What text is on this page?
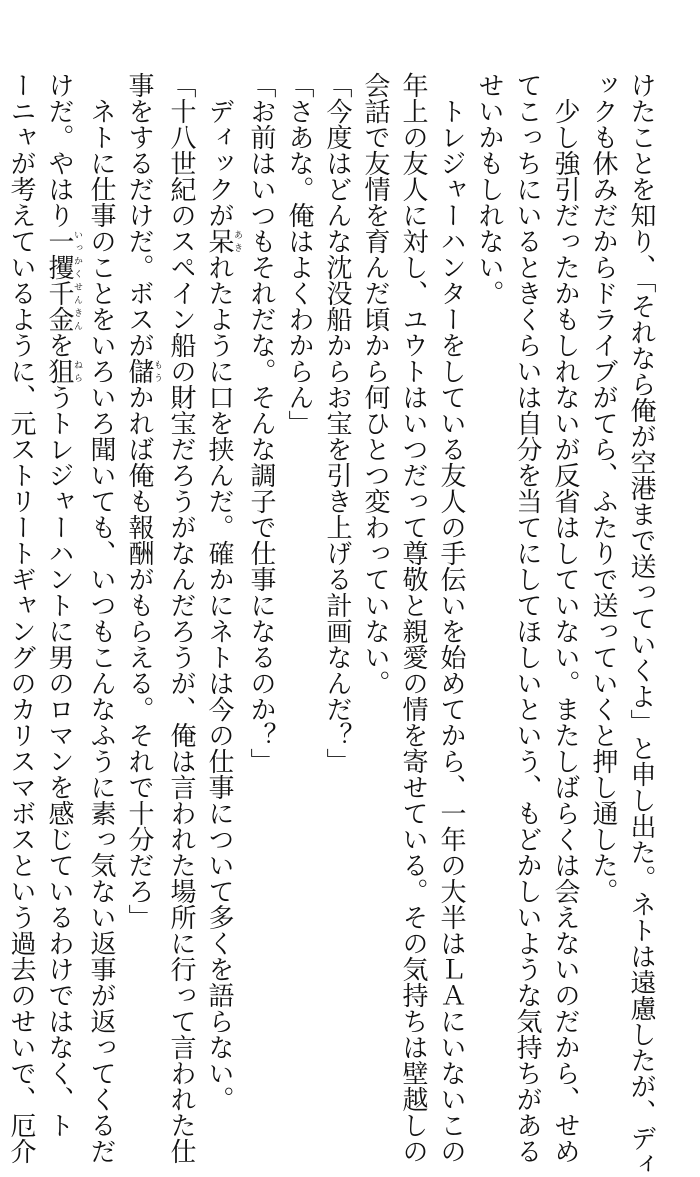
けたことを知り、「それなら俺が空港まで送っていくよ」と申し出た。ネトは遠慮したが、ディ
ックも休みだからドライブがてら、ふたりで送っていくと押し通した。
　少し強引だったかもしれないが反省はしていない。またしばらくは会えないのだから、せめ
てこっちにいるときくらいは自分を当てにしてほしいという、もどかしいような気持ちがある
せいかもしれない。
　トレジャーハンターをしている友人の手伝いを始めてから、一年の大半はＬＡにいないこの
年上の友人に対し、ユウトはいつだって尊敬と親愛の情を寄せている。その気持ちは壁越しの
会話で友情を育んだ頃から何ひとつ変わっていない。
「今度はどんな沈没船からお宝を引き上げる計画なんだ？」
「さあな。俺はよくわからん」
「お前はいつもそれだな。そんな調子で仕事になるのか？」
　ディックが呆あきれたように口を挟んだ。確かにネトは今の仕事について多くを語らない。
「十八世紀のスペイン船の財宝だろうがなんだろうが、俺は言われた場所に行って言われた仕
事をするだけだ。ボスが儲もうかれば俺も報酬がもらえる。それで十分だろ」
　ネトに仕事のことをいろいろ聞いても、いつもこんなふうに素っ気ない返事が返ってくるだ
けだ。やはり一攫千金いっかくせんきんを狙ねらうトレジャーハントに男のロマンを感じているわけではなく、ト
ーニャが考えているように、元ストリートギャングのカリスマボスという過去のせいで、厄介
